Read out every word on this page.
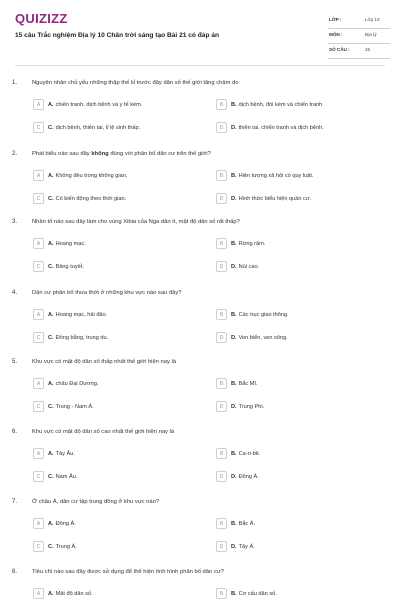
QUIZIZZ
15 câu Trắc nghiệm Địa lý 10 Chân trời sáng tạo Bài 21 có đáp án
LỚP :	Lớp 10
MÔN :	Địa lý
SỐ CÂU :	15
1.	Nguyên nhân chủ yếu những thập thế kỉ trước đây dân số thế giới tăng chậm do
A	A. chiến tranh, dịch bệnh và y tế kém.	B	B. dịch bệnh, đói kém và chiến tranh.
C	C. dịch bệnh, thiên tai, tỉ lệ sinh thấp.	D	D. thiên tai, chiến tranh và dịch bệnh.
2.	Phát biểu nào sau đây không đúng với phân bố dân cư trên thế giới?
A	A. Không đều trong không gian.	B	B. Hiện tượng xã hội có quy luật.
C	C. Có biến động theo thời gian.	D	D. Hình thức biểu hiện quần cư.
3.	Nhân tố nào sau đây làm cho vùng Xibia của Nga dân ít, mật độ dân số rất thấp?
A	A. Hoang mạc.	B	B. Rừng rậm.
C	C. Băng tuyết.	D	D. Núi cao.
4.	Dân cư phân bố thưa thớt ở những khu vực nào sau đây?
A	A. Hoang mạc, hải đảo.	B	B. Các trục giao thông.
C	C. Đồng bằng, trung du.	D	D. Ven biển, ven sông.
5.	Khu vực có mật độ dân số thấp nhất thế giới hiện nay là
A	A. châu Đại Dương.	B	B. Bắc Mĩ.
C	C. Trung - Nam Á.	D	D. Trung Phi.
6.	Khu vực có mật độ dân số cao nhất thế giới hiện nay là
A	A. Tây Âu.	B	B. Ca-ri-bê.
C	C. Nam Âu.	D	D. Đông Á.
7.	Ở châu Á, dân cư tập trung đông ở khu vực nào?
A	A. Đông Á.	B	B. Bắc Á.
C	C. Trung Á.	D	D. Tây Á.
8.	Tiêu chí nào sau đây được sử dụng để thể hiện tình hình phân bố dân cư?
A	A. Mật độ dân số.	B	B. Cơ cấu dân số.
